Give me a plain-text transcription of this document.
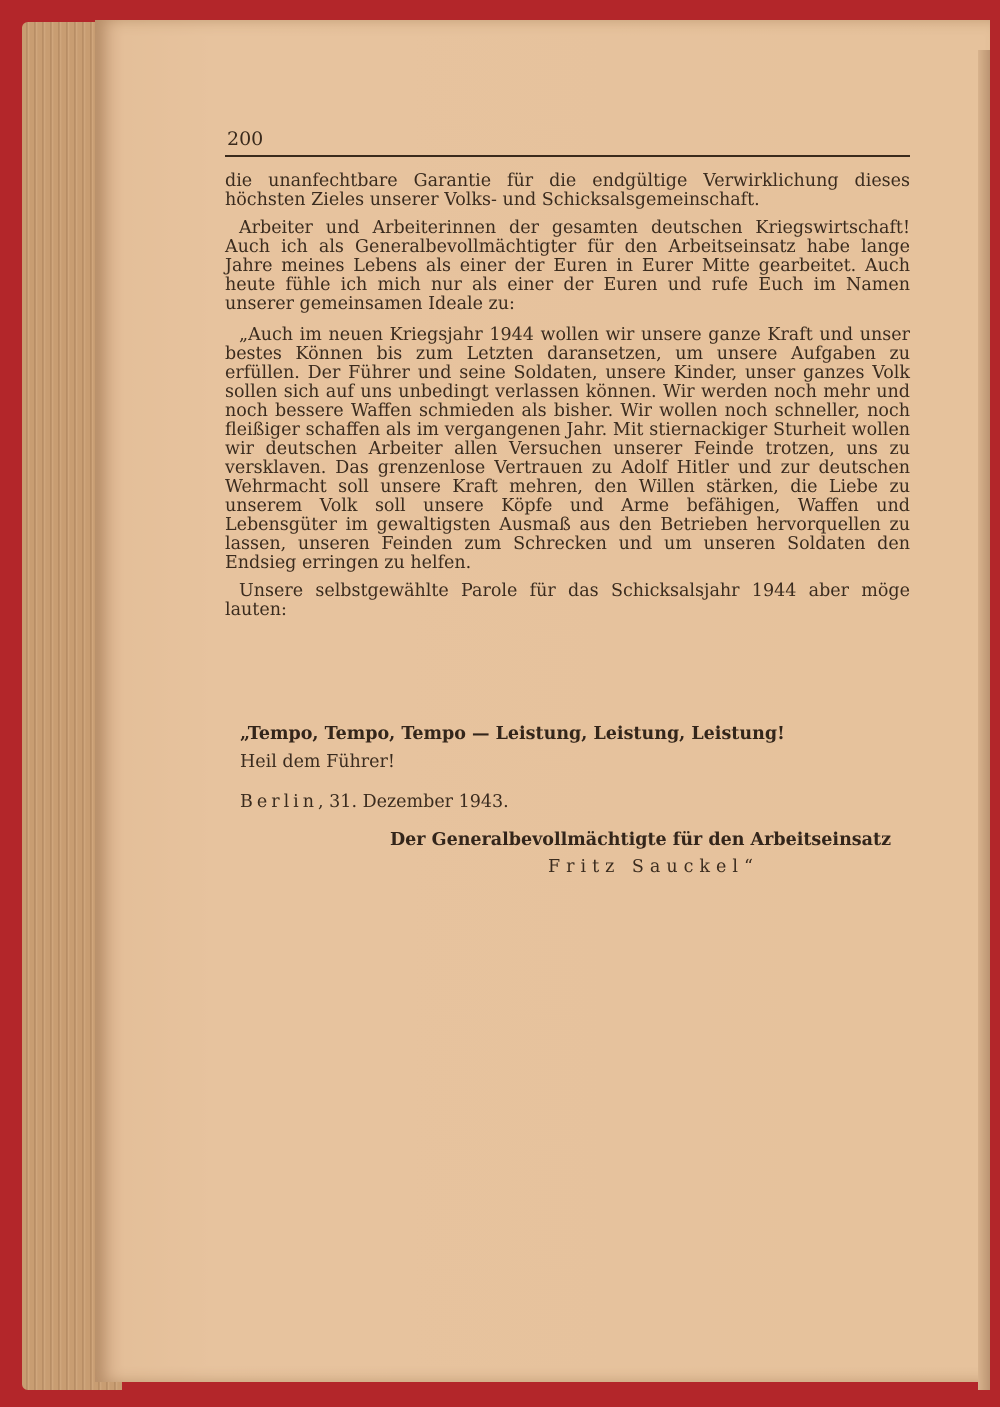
200

die unanfechtbare Garantie für die endgültige Verwirklichung dieses höchsten Zieles unserer Volks- und Schicksalsgemeinschaft.

Arbeiter und Arbeiterinnen der gesamten deutschen Kriegswirtschaft! Auch ich als Generalbevollmächtigter für den Arbeitseinsatz habe lange Jahre meines Lebens als einer der Euren in Eurer Mitte gearbeitet. Auch heute fühle ich mich nur als einer der Euren und rufe Euch im Namen unserer gemeinsamen Ideale zu:

„Auch im neuen Kriegsjahr 1944 wollen wir unsere ganze Kraft und unser bestes Können bis zum Letzten daransetzen, um unsere Aufgaben zu erfüllen. Der Führer und seine Soldaten, unsere Kinder, unser ganzes Volk sollen sich auf uns unbedingt verlassen können. Wir werden noch mehr und noch bessere Waffen schmieden als bisher. Wir wollen noch schneller, noch fleißiger schaffen als im vergangenen Jahr. Mit stiernackiger Sturheit wollen wir deutschen Arbeiter allen Versuchen unserer Feinde trotzen, uns zu versklaven. Das grenzenlose Vertrauen zu Adolf Hitler und zur deutschen Wehrmacht soll unsere Kraft mehren, den Willen stärken, die Liebe zu unserem Volk soll unsere Köpfe und Arme befähigen, Waffen und Lebensgüter im gewaltigsten Ausmaß aus den Betrieben hervorquellen zu lassen, unseren Feinden zum Schrecken und um unseren Soldaten den Endsieg erringen zu helfen.

Unsere selbstgewählte Parole für das Schicksalsjahr 1944 aber möge lauten:

„Tempo, Tempo, Tempo — Leistung, Leistung, Leistung!
Heil dem Führer!
Berlin, 31. Dezember 1943.
Der Generalbevollmächtigte für den Arbeitseinsatz
Fritz Sauckel“
